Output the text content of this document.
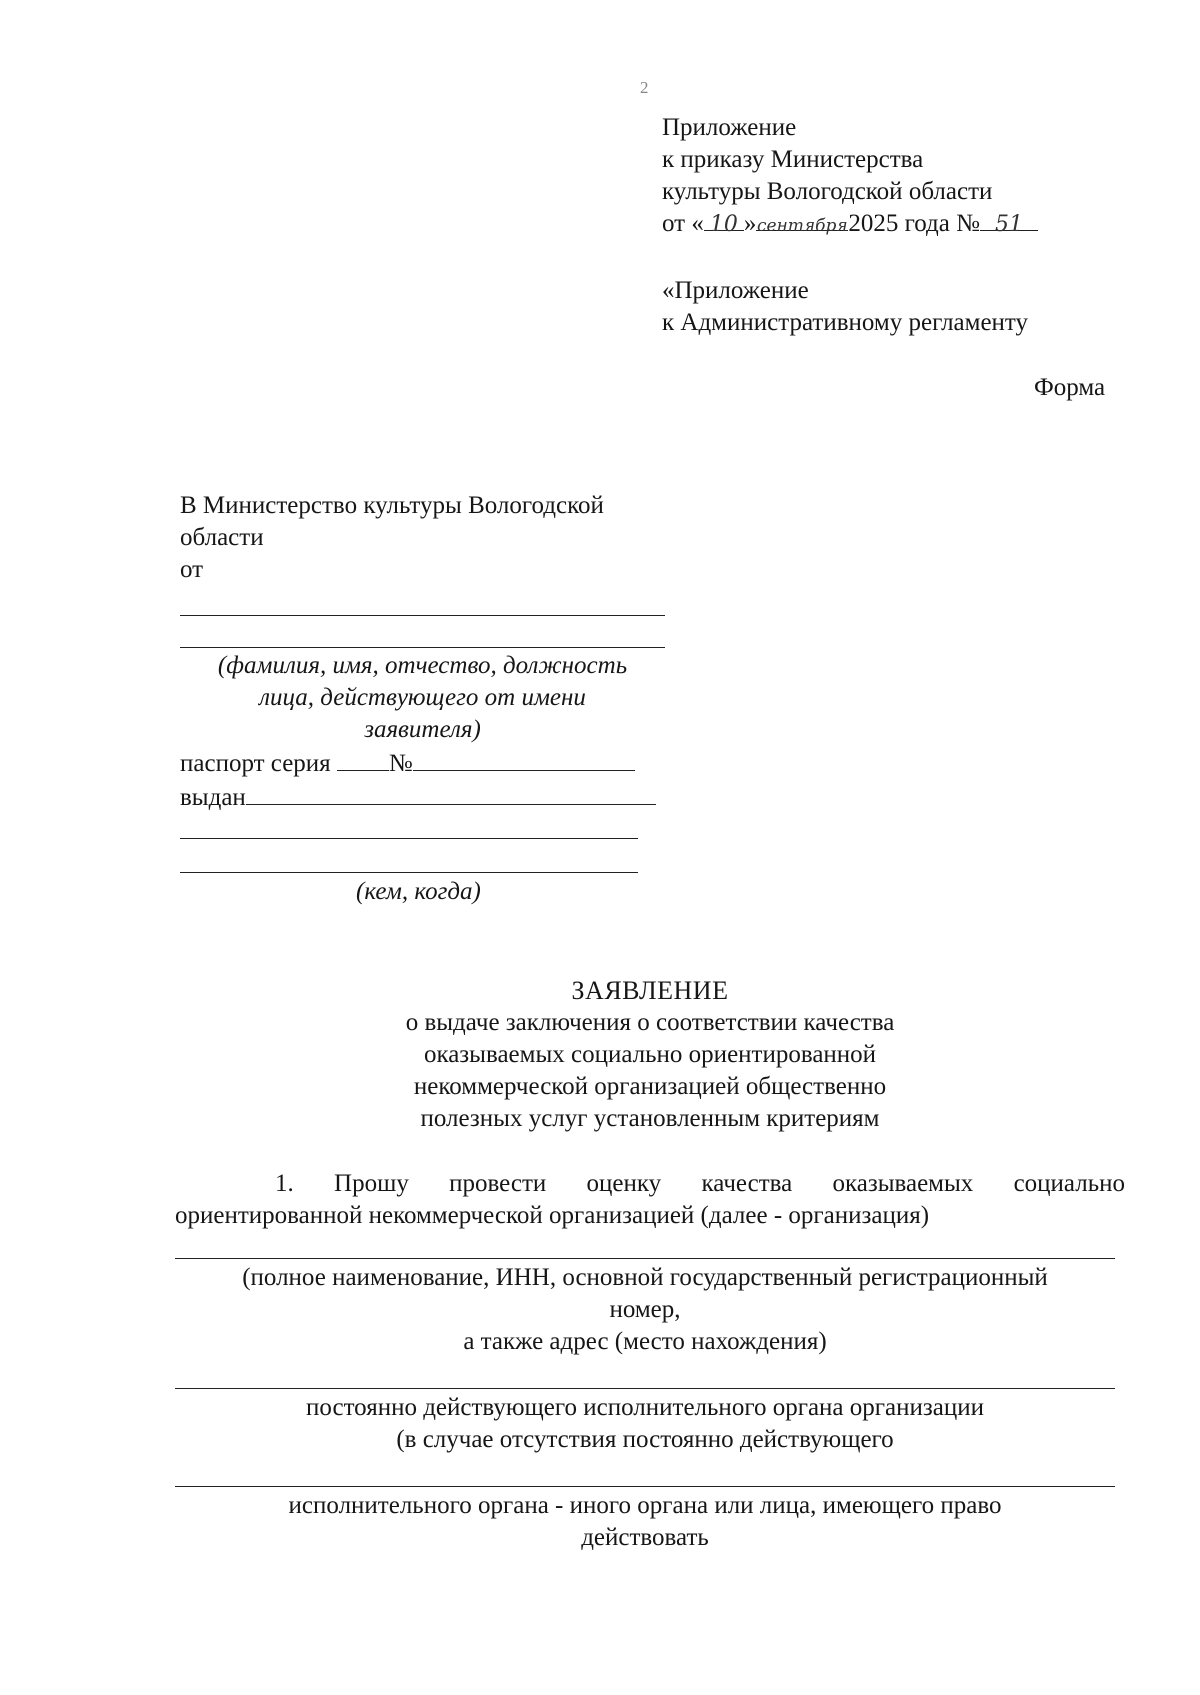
2
Приложение
к приказу Министерства
культуры Вологодской области
от « 10 »сентября2025 года № 51
«Приложение
к Административному регламенту
Форма
В Министерство культуры Вологодской
области
от
(фамилия, имя, отчество, должность
лица, действующего от имени
заявителя)
паспорт серия №
выдан
(кем, когда)
ЗАЯВЛЕНИЕ
о выдаче заключения о соответствии качества
оказываемых социально ориентированной
некоммерческой организацией общественно
полезных услуг установленным критериям
1. Прошу провести оценку качества оказываемых социально
ориентированной некоммерческой организацией (далее - организация)
(полное наименование, ИНН, основной государственный регистрационный
номер,
а также адрес (место нахождения)
постоянно действующего исполнительного органа организации
(в случае отсутствия постоянно действующего
исполнительного органа - иного органа или лица, имеющего право
действовать
